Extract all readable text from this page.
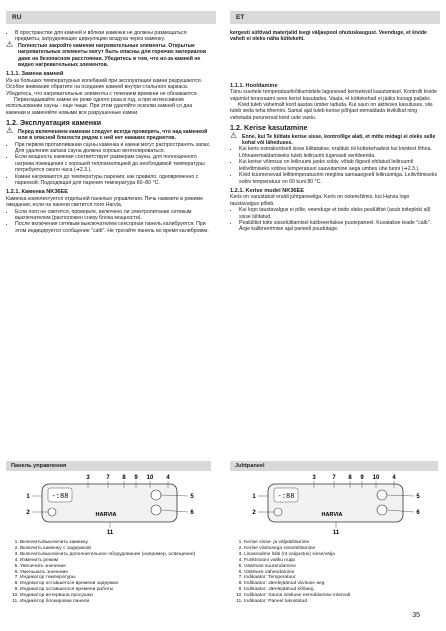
RU	ET
• В пространстве для камней и вблизи каменки не должны размещаться предметы, затрудняющие циркуляцию воздуха через каменку.

⚠ Полностью закройте каменки нагревательные элементы. Открытые нагревательные элементы могут быть опасны для горючих материалов даже на безопасном расстоянии. Убедитесь в том, что из-за камней не видно нагревательных элементов.

1.1.1. Замена камней

Из-за больших температурных колебаний при эксплуатации камни разрушаются. Особое внимание обратите на оседание камней внутри стального каркаса. Убедитесь, что нагревательные элементы с течением времени не обнажаются.

Перекладывайте камни не реже одного раза в год, а при интенсивном использовании сауны - еще чаще. При этом удаляйте осколки камней со дна каменки и заменяйте новыми все разрушенные камни.

1.2. Эксплуатация каменки

⚠ Перед включением каменки следует всегда проверять, что над каменкой или в опасной близости рядом с ней нет никаких предметов.

• При первом протапливании сауны каменка и камни могут распространять запах. Для удаления запаха сауна должна хорошо вентилироваться.
• Если мощность каменки соответствует размерам сауны, для полноценного нагрева помещения с хорошей теплоизоляцией до необходимой температуры потребуется около часа (➔2.3.).
• Камни нагреваются до температуры парения, как правило, одновременно с парилкой. Подходящая для парения температура 60–80 °C.

1.2.1. Каменка NK36EE

Каменка комплектуется отдельной панелью управления. Печь нажмите в режиме ожидания, если на панели светится лого Harvia.

• Если лого не светится, проверьте, включено ли электропитание сетевым выключателем (расположен снизу блока мощности).
• После включения сетевым выключателем сенсорная панель калибруется. При этом индицируется сообщение "calb". Не трогайте панель во время калибровки.

kergesti süttivad materjalid isegi väljaspool ohutuskaugust. Veenduge, et kivide vahelt ei oleks näha küttekehi.

1.1.1. Hooldamine

Tänu suurtele temperatuurikõikumistele lagunevad kerisekivid kasutamisel. Kontrolli kivide vajumist terasraami sees kerist kasutades. Vaata, et küttekehad ei jääks kunagi paljaks.

Kivid tuleb vähemalt kord aastas ümber laduda. Kui saun on aktiivses kasutuses, siis tuleb seda teha tihemini. Samal ajal tuleb kerise põhjast eemaldada kivikillud ning vahetada purunenud kivid uute vastu.

1.2. Kerise kasutamine

⚠ Enne, kui Te lülitate kerise sisse, kontrollige alati, et mitte midagi ei oleks selle kohal või läheduses.

• Kui keris esmakordselt sisse lülitatakse, eraldub nii küttekehadest kui kividest lõhna. Lõhnaeemaldamiseks tuleb leiliruumi tugevasti ventileerida.
• Kui kerise võimsus on leiliruumi jaoks sobiv, võtab õigesti ehitatud leiliruumil leilivõtmiseks sobiva temperatuuri saavutamine aega umbes ühe tunni (➔2.3.).
• Kivid kuumenevad leilitemperatuurini reeglina samaaegselt leiliruumiga. Leilivõtmiseks sobiv temperatuur on 60 kuni 80 °C.

1.2.1. Kerise mudel NK36EE

Keris on varustatud eraldi juhtpaneeliga. Keris on ooterežiimis, kui Harvia logo taustavalgus põleb.

• Kui logo taustavalgus ei põle, veenduge et toide oleks pealülitist (asub toiteploki all) sisse lülitatud.
• Pealülitist toite sisselülitamisel kalibreeritakse puutepaneel. Kuvatakse teade "calb". Ärge kalibreerimise ajal paneeli puudutage.
Панель управления	Juhtpaneel
-:88
HARVIA
3	7 8 9 10 4
1
2
5
6
11
-:88
HARVIA
3	7 8 9 10 4
1
2
5
6
11
1. Включить/выключить каменку.
2. Включить каменку с задержкой
3. Включить/выключить дополнительное оборудование (например, освещение)
4. Изменить режим
5. Увеличить значение
6. Уменьшить значение
7. Индикатор температуры
8. Индикатор оставшегося времени задержки
9. Индикатор оставшегося времени работы
10. Индикатор интервала просушки
11. Индикатор блокировки панели
1. Kerise sisse- ja väljalülitamine
2. Kerise viivitusega sisselülitamine
3. Lisaseadme lüliti (nt valgustus) sisse/välja
4. Funktsiooni valiku nupp
5. Väärtuse suurendamine
6. Väärtuse vähendamine
7. Indikaator: Temperatuur
8. Indikaator: Järelejäänud viivituse aeg
9. Indikaator: Järelejäänud kõõaeg
10. Indikaator: Sauna niiskuse eemaldamise intervall
11. Indikaator: Paneel lukustatud
35
